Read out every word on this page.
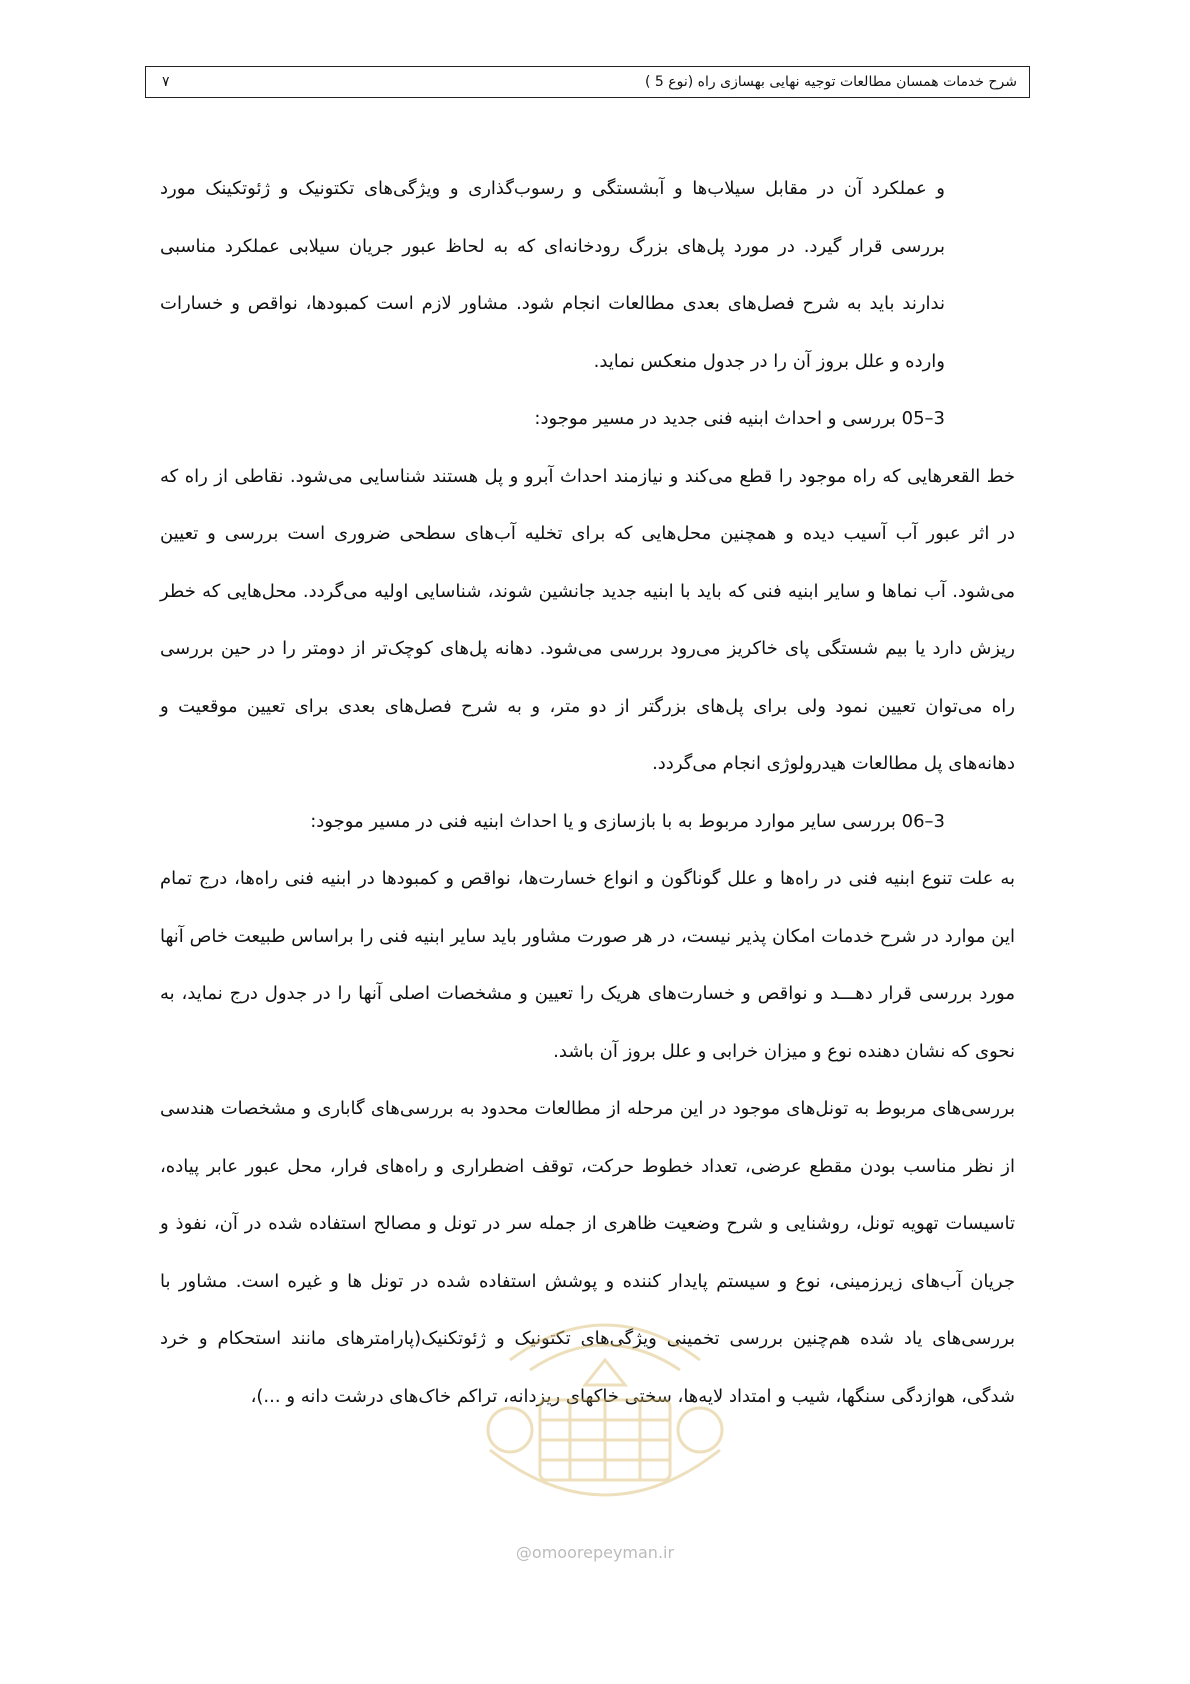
۷	شرح خدمات همسان مطالعات توجیه نهایی بهسازی راه (نوع 5 )

و عملکرد آن در مقابل سیلاب‌ها و آبشستگی و رسوب‌گذاری و ویژگی‌های تکتونیک و ژئوتکینک مورد بررسی قرار گیرد. در مورد پل‌های بزرگ رودخانه‌ای که به لحاظ عبور جریان سیلابی عملکرد مناسبی ندارند باید به شرح فصل‌های بعدی مطالعات انجام شود. مشاور لازم است کمبودها، نواقص و خسارات وارده و علل بروز آن را در جدول منعکس نماید.

3–05 بررسی و احداث ابنیه فنی جدید در مسیر موجود:

خط القعرهایی که راه موجود را قطع می‌کند و نیازمند احداث آبرو و پل هستند شناسایی می‌شود. نقاطی از راه که در اثر عبور آب آسیب دیده و همچنین محل‌هایی که برای تخلیه آب‌های سطحی ضروری است بررسی و تعیین می‌شود. آب نماها و سایر ابنیه فنی که باید با ابنیه جدید جانشین شوند، شناسایی اولیه می‌گردد. محل‌هایی که خطر ریزش دارد یا بیم شستگی پای خاکریز می‌رود بررسی می‌شود. دهانه پل‌های کوچک‌تر از دومتر را در حین بررسی راه می‌توان تعیین نمود ولی برای پل‌های بزرگتر از دو متر، و به شرح فصل‌های بعدی برای تعیین موقعیت و دهانه‌های پل مطالعات هیدرولوژی انجام می‌گردد.

3–06 بررسی سایر موارد مربوط به با بازسازی و یا احداث ابنیه فنی در مسیر موجود:

به علت تنوع ابنیه فنی در راه‌ها و علل گوناگون و انواع خسارت‌ها، نواقص و کمبودها در ابنیه فنی راه‌ها، درج تمام این موارد در شرح خدمات امکان پذیر نیست، در هر صورت مشاور باید سایر ابنیه فنی را براساس طبیعت خاص آنها مورد بررسی قرار دهـــد و نواقص و خسارت‌های هریک را تعیین و مشخصات اصلی آنها را در جدول درج نماید، به نحوی که نشان دهنده نوع و میزان خرابی و علل بروز آن باشد.

بررسی‌های مربوط به تونل‌های موجود در این مرحله از مطالعات محدود به بررسی‌های گاباری و مشخصات هندسی از نظر مناسب بودن مقطع عرضی، تعداد خطوط حرکت، توقف اضطراری و راه‌های فرار، محل عبور عابر پیاده، تاسیسات تهویه تونل، روشنایی و شرح وضعیت ظاهری از جمله سر در تونل و مصالح استفاده شده در آن، نفوذ و جریان آب‌های زیرزمینی، نوع و سیستم پایدار کننده و پوشش استفاده شده در تونل ها و غیره است. مشاور با بررسی‌های یاد شده هم‌چنین بررسی تخمینی ویژگی‌های تکتونیک و ژئوتکنیک(پارامترهای مانند استحکام و خرد شدگی، هوازدگی سنگها، شیب و امتداد لایه‌ها، سختی خاکهای ریزدانه، تراکم خاک‌های درشت دانه و ...)،

@omoorepeyman.ir
